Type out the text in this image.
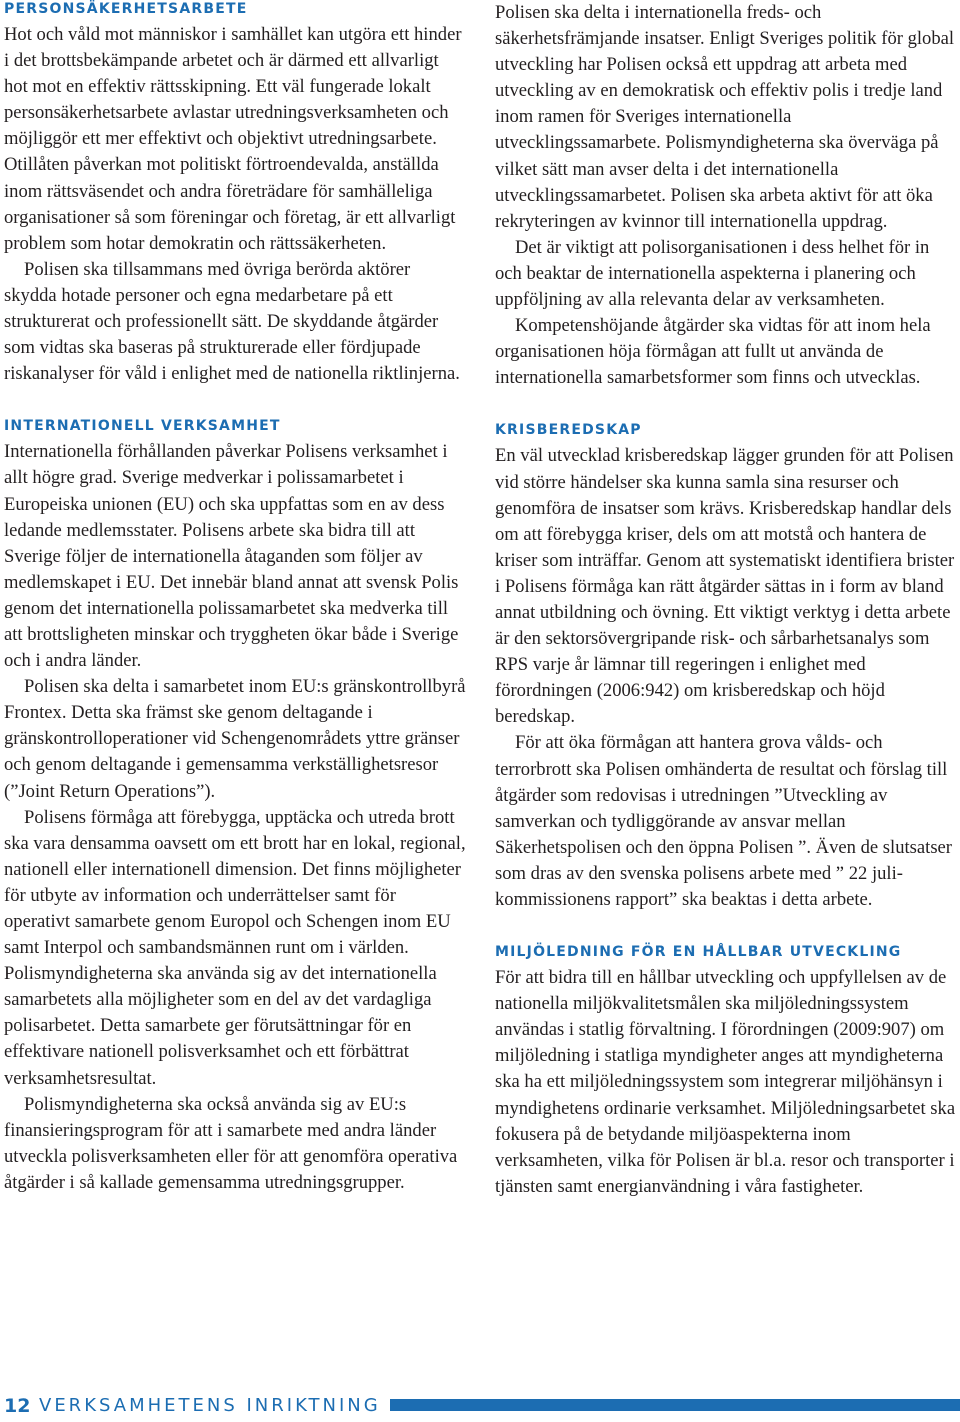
PERSONSÄKERHETSARBETE

Hot och våld mot människor i samhället kan utgöra ett hinder i det brottsbekämpande arbetet och är därmed ett allvarligt hot mot en effektiv rättsskipning. Ett väl fungerade lokalt personsäkerhetsarbete avlastar utredningsverksamheten och möjliggör ett mer effektivt och objektivt utredningsarbete. Otillåten påverkan mot politiskt förtroendevalda, anställda inom rättsväsendet och andra företrädare för samhälleliga organisationer så som föreningar och företag, är ett allvarligt problem som hotar demokratin och rättssäkerheten.

Polisen ska tillsammans med övriga berörda aktörer skydda hotade personer och egna medarbetare på ett strukturerat och professionellt sätt. De skyddande åtgärder som vidtas ska baseras på strukturerade eller fördjupade riskanalyser för våld i enlighet med de nationella riktlinjerna.

INTERNATIONELL VERKSAMHET

Internationella förhållanden påverkar Polisens verksamhet i allt högre grad. Sverige medverkar i polissamarbetet i Europeiska unionen (EU) och ska uppfattas som en av dess ledande medlemsstater. Polisens arbete ska bidra till att Sverige följer de internationella åtaganden som följer av medlemskapet i EU. Det innebär bland annat att svensk Polis genom det internationella polissamarbetet ska medverka till att brottsligheten minskar och tryggheten ökar både i Sverige och i andra länder.

Polisen ska delta i samarbetet inom EU:s gränskontrollbyrå Frontex. Detta ska främst ske genom deltagande i gränskontrolloperationer vid Schengenområdets yttre gränser och genom deltagande i gemensamma verkställighetsresor (”Joint Return Operations”).

Polisens förmåga att förebygga, upptäcka och utreda brott ska vara densamma oavsett om ett brott har en lokal, regional, nationell eller internationell dimension. Det finns möjligheter för utbyte av information och underrättelser samt för operativt samarbete genom Europol och Schengen inom EU samt Interpol och sambandsmännen runt om i världen. Polismyndigheterna ska använda sig av det internationella samarbetets alla möjligheter som en del av det vardagliga polisarbetet. Detta samarbete ger förutsättningar för en effektivare nationell polisverksamhet och ett förbättrat verksamhetsresultat.

Polismyndigheterna ska också använda sig av EU:s finansieringsprogram för att i samarbete med andra länder utveckla polisverksamheten eller för att genomföra operativa åtgärder i så kallade gemensamma utredningsgrupper.

Polisen ska delta i internationella freds- och säkerhetsfrämjande insatser. Enligt Sveriges politik för global utveckling har Polisen också ett uppdrag att arbeta med utveckling av en demokratisk och effektiv polis i tredje land inom ramen för Sveriges internationella utvecklingssamarbete. Polismyndigheterna ska överväga på vilket sätt man avser delta i det internationella utvecklingssamarbetet. Polisen ska arbeta aktivt för att öka rekryteringen av kvinnor till internationella uppdrag.

Det är viktigt att polisorganisationen i dess helhet för in och beaktar de internationella aspekterna i planering och uppföljning av alla relevanta delar av verksamheten.

Kompetenshöjande åtgärder ska vidtas för att inom hela organisationen höja förmågan att fullt ut använda de internationella samarbetsformer som finns och utvecklas.

KRISBEREDSKAP

En väl utvecklad krisberedskap lägger grunden för att Polisen vid större händelser ska kunna samla sina resurser och genomföra de insatser som krävs. Krisberedskap handlar dels om att förebygga kriser, dels om att motstå och hantera de kriser som inträffar. Genom att systematiskt identifiera brister i Polisens förmåga kan rätt åtgärder sättas in i form av bland annat utbildning och övning. Ett viktigt verktyg i detta arbete är den sektorsövergripande risk- och sårbarhetsanalys som RPS varje år lämnar till regeringen i enlighet med förordningen (2006:942) om krisberedskap och höjd beredskap.

För att öka förmågan att hantera grova vålds- och terrorbrott ska Polisen omhänderta de resultat och förslag till åtgärder som redovisas i utredningen ”Utveckling av samverkan och tydliggörande av ansvar mellan Säkerhetspolisen och den öppna Polisen ”. Även de slutsatser som dras av den svenska polisens arbete med ” 22 juli-kommissionens rapport” ska beaktas i detta arbete.

MILJÖLEDNING FÖR EN HÅLLBAR UTVECKLING

För att bidra till en hållbar utveckling och uppfyllelsen av de nationella miljökvalitetsmålen ska miljöledningssystem användas i statlig förvaltning. I förordningen (2009:907) om miljöledning i statliga myndigheter anges att myndigheterna ska ha ett miljöledningssystem som integrerar miljöhänsyn i myndighetens ordinarie verksamhet. Miljöledningsarbetet ska fokusera på de betydande miljöaspekterna inom verksamheten, vilka för Polisen är bl.a. resor och transporter i tjänsten samt energianvändning i våra fastigheter.

12 VERKSAMHETENS INRIKTNING
